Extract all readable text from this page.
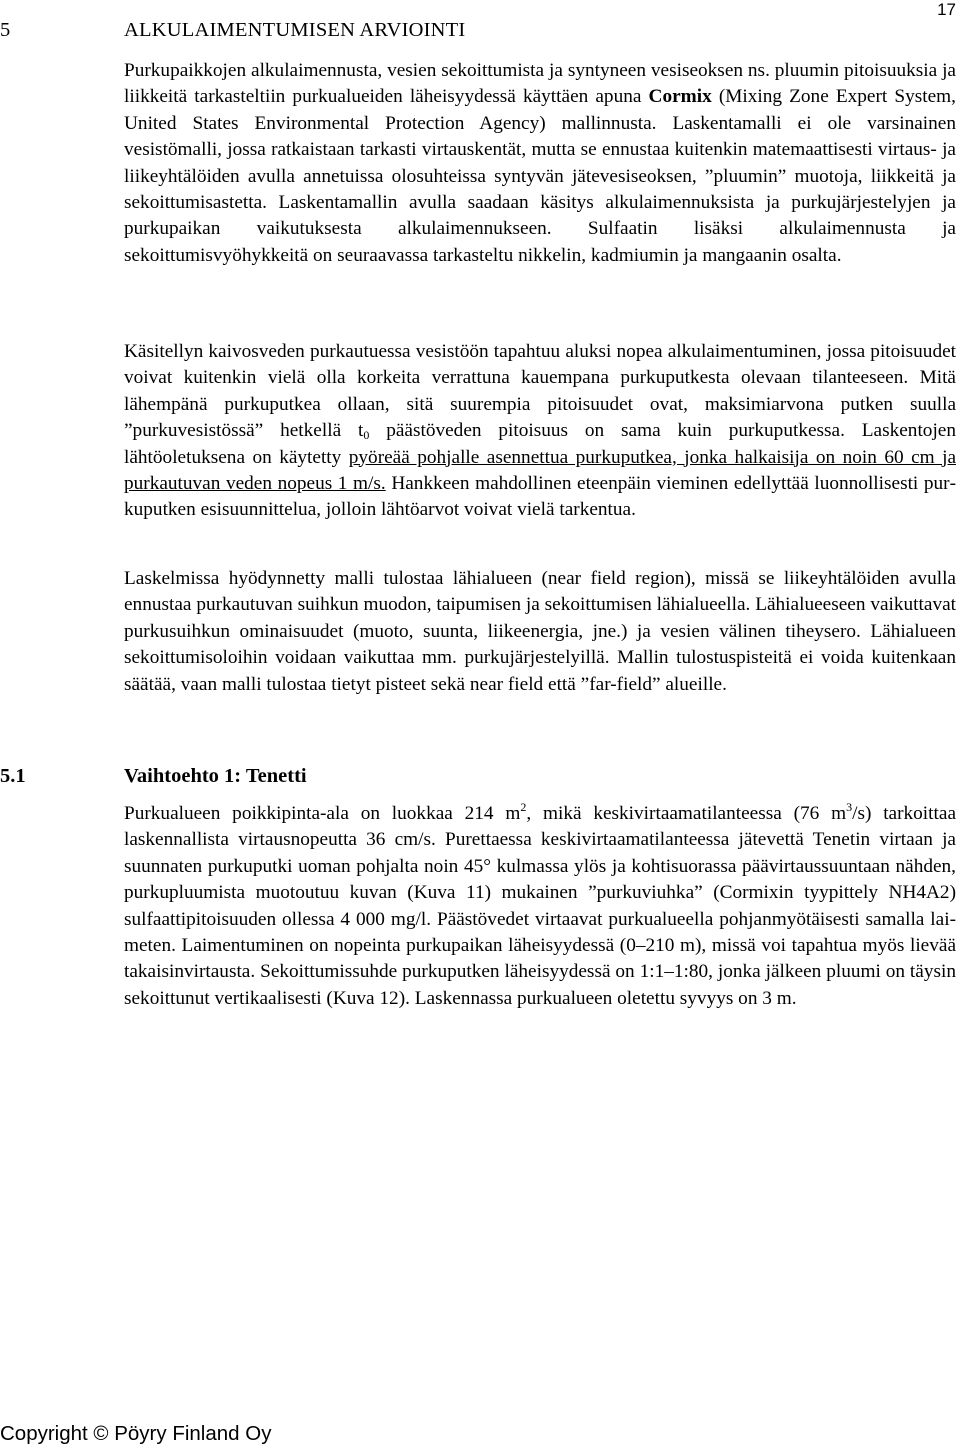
17
5	ALKULAIMENTUMISEN ARVIOINTI

Purkupaikkojen alkulaimennusta, vesien sekoittumista ja syntyneen vesiseoksen ns. pluumin pitoisuuksia ja liikkeitä tarkasteltiin purkualueiden läheisyydessä käyttäen apuna Cormix (Mixing Zone Expert System, United States Environmental Protection Agency) mallinnusta. Laskentamalli ei ole varsinainen vesistömalli, jossa ratkaistaan tarkasti virtauskentät, mutta se ennustaa kuitenkin matemaattisesti virtaus- ja liikeyhtälöiden avulla annetuissa olosuhteissa syntyvän jätevesiseoksen, ”pluumin” muotoja, liikkeitä ja sekoittumisastetta. Laskentamallin avulla saadaan käsitys alkulaimennuksista ja purkujärjestelyjen ja purkupaikan vaikutuksesta alkulaimennukseen. Sulfaatin lisäksi alkulaimennusta ja sekoittumisvyöhykkeitä on seuraavassa tarkasteltu nikkelin, kadmiumin ja mangaanin osalta.

Käsitellyn kaivosveden purkautuessa vesistöön tapahtuu aluksi nopea alkulaimentuminen, jossa pitoisuudet voivat kuitenkin vielä olla korkeita verrattuna kauempana purkuputkesta olevaan tilanteeseen. Mitä lähempänä purkuputkea ollaan, sitä suurempia pitoisuudet ovat, maksimiarvona putken suulla ”purkuvesistössä” hetkellä $t_0$ päästöveden pitoisuus on sama kuin purkuputkessa. Laskentojen lähtöoletuksena on käytetty pyöreää pohjalle asennettua purkuputkea, jonka halkaisija on noin 60 cm ja purkautuvan veden nopeus 1 m/s. Hankkeen mahdollinen eteenpäin vieminen edellyttää luonnollisesti purkuputken esisuunnittelua, jolloin lähtöarvot voivat vielä tarkentua.

Laskelmissa hyödynnetty malli tulostaa lähialueen (near field region), missä se liikeyhtälöiden avulla ennustaa purkautuvan suihkun muodon, taipumisen ja sekoittumisen lähialueella. Lähialueeseen vaikuttavat purkusuihkun ominaisuudet (muoto, suunta, liikeenergia, jne.) ja vesien välinen tiheysero. Lähialueen sekoittumisoloihin voidaan vaikuttaa mm. purkujärjestelyillä. Mallin tulostuspisteitä ei voida kuitenkaan säätää, vaan malli tulostaa tietyt pisteet sekä near field että ”far-field” alueille.

5.1	Vaihtoehto 1: Tenetti

Purkualueen poikkipinta-ala on luokkaa 214 $m^2$, mikä keskivirtaamatilanteessa (76 $m^3/s$) tarkoittaa laskennallista virtausnopeutta 36 cm/s. Purettaessa keskivirtaamatilanteessa jätevettä Tenetin virtaan ja suunnaten purkuputki uoman pohjalta noin 45° kulmassa ylös ja kohtisuorassa päävirtaussuuntaan nähden, purkupluumista muotoutuu kuvan (Kuva 11) mukainen ”purkuviuhka” (Cormixin tyypittely NH4A2) sulfaattipitoisuuden ollessa 4 000 mg/l. Päästövedet virtaavat purkualueella pohjanmyötäisesti samalla laimeten. Laimentuminen on nopeinta purkupaikan läheisyydessä (0–210 m), missä voi tapahtua myös lievää takaisinvirtausta. Sekoittumissuhde purkuputken läheisyydessä on 1:1–1:80, jonka jälkeen pluumi on täysin sekoittunut vertikaalisesti (Kuva 12). Laskennassa purkualueen oletettu syvyys on 3 m.

Copyright © Pöyry Finland Oy
